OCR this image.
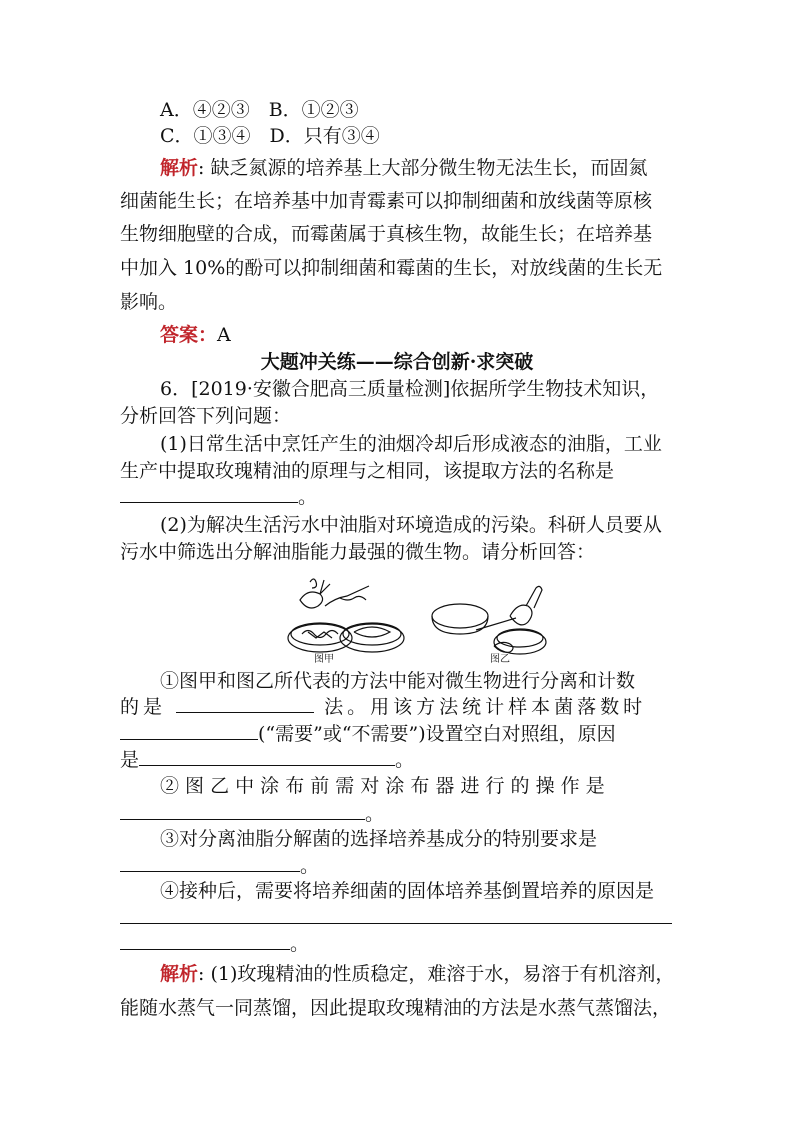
A．④②③　B．①②③
C．①③④　D．只有③④
解析: 缺乏氮源的培养基上大部分微生物无法生长，而固氮
细菌能生长；在培养基中加青霉素可以抑制细菌和放线菌等原核
生物细胞壁的合成，而霉菌属于真核生物，故能生长；在培养基
中加入 10%的酚可以抑制细菌和霉菌的生长，对放线菌的生长无
影响。
答案：A
大题冲关练——综合创新·求突破
6．[2019·安徽合肥高三质量检测]依据所学生物技术知识，
分析回答下列问题：
(1)日常生活中烹饪产生的油烟冷却后形成液态的油脂，工业
生产中提取玫瑰精油的原理与之相同，该提取方法的名称是
。
(2)为解决生活污水中油脂对环境造成的污染。科研人员要从
污水中筛选出分解油脂能力最强的微生物。请分析回答：
图甲	图乙
①图甲和图乙所代表的方法中能对微生物进行分离和计数
的是	法。用该方法统计样本菌落数时
(“需要”或“不需要”)设置空白对照组，原因
是	。
② 图 乙 中 涂 布 前 需 对 涂 布 器 进 行 的 操 作 是
。
③对分离油脂分解菌的选择培养基成分的特别要求是
。
④接种后，需要将培养细菌的固体培养基倒置培养的原因是
。
解析: (1)玫瑰精油的性质稳定，难溶于水，易溶于有机溶剂，
能随水蒸气一同蒸馏，因此提取玫瑰精油的方法是水蒸气蒸馏法，
